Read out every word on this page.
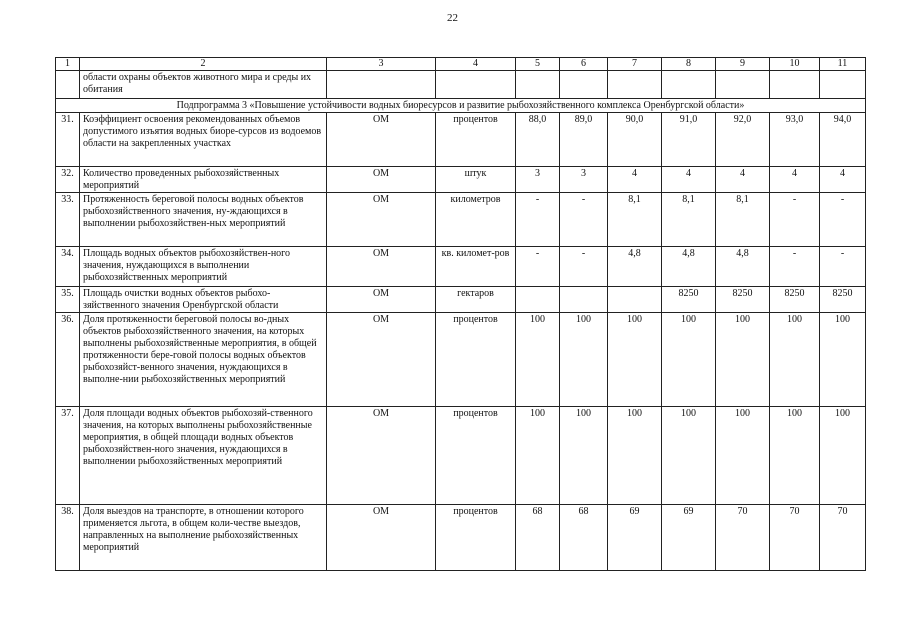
22
1	2	3	4	5	6	7	8	9	10	11
	области охраны объектов животного мира и среды их обитания									
Подпрограмма 3 «Повышение устойчивости водных биоресурсов и развитие рыбохозяйственного комплекса Оренбургской области»										
31.	Коэффициент освоения рекомендованных объемов допустимого изъятия водных биоре-сурсов из водоемов области на закрепленных участках	ОМ	процентов	88,0	89,0	90,0	91,0	92,0	93,0	94,0
32.	Количество проведенных рыбохозяйственных мероприятий	ОМ	штук	3	3	4	4	4	4	4
33.	Протяженность береговой полосы водных объектов рыбохозяйственного значения, ну-ждающихся в выполнении рыбохозяйствен-ных мероприятий	ОМ	километров	-	-	8,1	8,1	8,1	-	-
34.	Площадь водных объектов рыбохозяйствен-ного значения, нуждающихся в выполнении рыбохозяйственных мероприятий	ОМ	кв. километ-ров	-	-	4,8	4,8	4,8	-	-
35.	Площадь очистки водных объектов рыбохо-зяйственного значения Оренбургской области	ОМ	гектаров				8250	8250	8250	8250
36.	Доля протяженности береговой полосы во-дных объектов рыбохозяйственного значения, на которых выполнены рыбохозяйственные мероприятия, в общей протяженности бере-говой полосы водных объектов рыбохозяйст-венного значения, нуждающихся в выполне-нии рыбохозяйственных мероприятий	ОМ	процентов	100	100	100	100	100	100	100
37.	Доля площади водных объектов рыбохозяй-ственного значения, на которых выполнены рыбохозяйственные мероприятия, в общей площади водных объектов рыбохозяйствен-ного значения, нуждающихся в выполнении рыбохозяйственных мероприятий	ОМ	процентов	100	100	100	100	100	100	100
38.	Доля выездов на транспорте, в отношении которого применяется льгота, в общем коли-честве выездов, направленных на выполнение рыбохозяйственных мероприятий	ОМ	процентов	68	68	69	69	70	70	70
